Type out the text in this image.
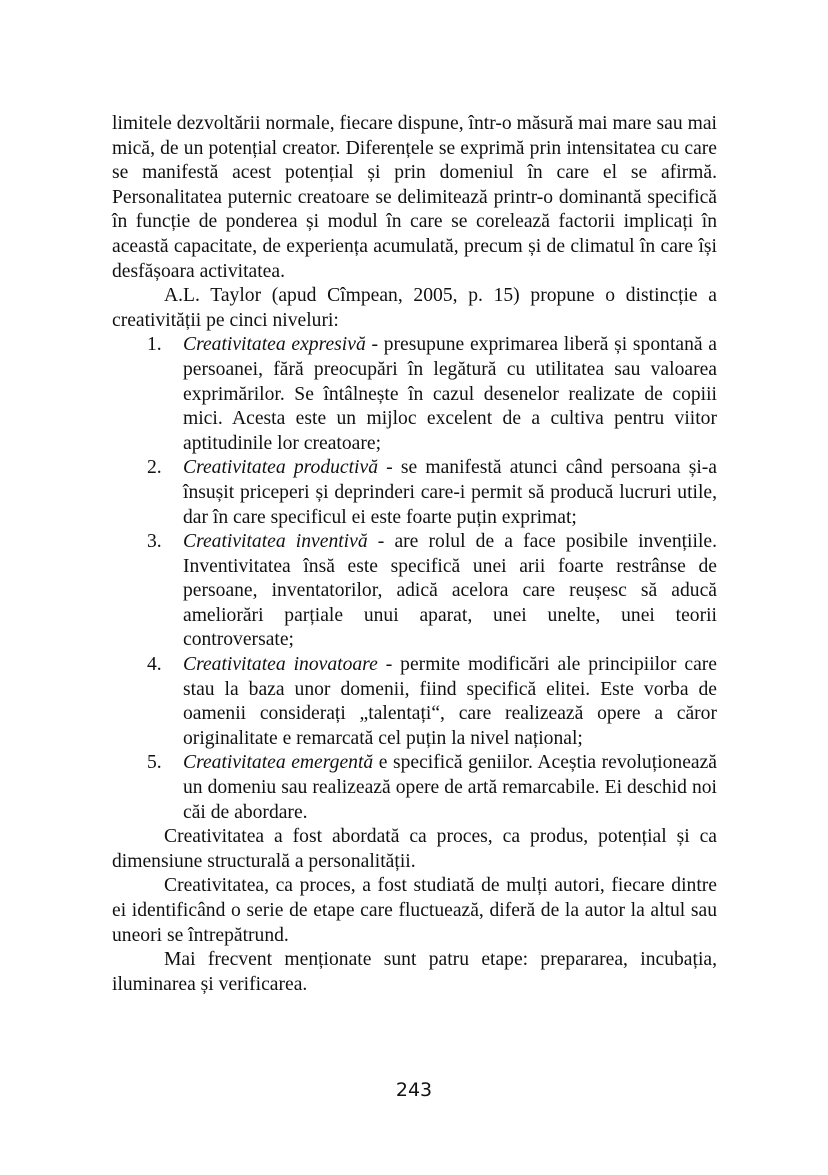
limitele dezvoltării normale, fiecare dispune, într-o măsură mai mare sau mai mică, de un potențial creator. Diferențele se exprimă prin intensitatea cu care se manifestă acest potențial și prin domeniul în care el se afirmă. Personalitatea puternic creatoare se delimitează printr-o dominantă specifică în funcție de ponderea și modul în care se corelează factorii implicați în această capacitate, de experiența acumulată, precum și de climatul în care își desfășoara activitatea.

A.L. Taylor (apud Cîmpean, 2005, p. 15) propune o distincție a creativității pe cinci niveluri:

1. Creativitatea expresivă - presupune exprimarea liberă și spontană a persoanei, fără preocupări în legătură cu utilitatea sau valoarea exprimărilor. Se întâlnește în cazul desenelor realizate de copiii mici. Acesta este un mijloc excelent de a cultiva pentru viitor aptitudinile lor creatoare;
2. Creativitatea productivă - se manifestă atunci când persoana și-a însușit priceperi și deprinderi care-i permit să producă lucruri utile, dar în care specificul ei este foarte puțin exprimat;
3. Creativitatea inventivă - are rolul de a face posibile invențiile. Inventivitatea însă este specifică unei arii foarte restrânse de persoane, inventatorilor, adică acelora care reușesc să aducă ameliorări parțiale unui aparat, unei unelte, unei teorii controversate;
4. Creativitatea inovatoare - permite modificări ale principiilor care stau la baza unor domenii, fiind specifică elitei. Este vorba de oamenii considerați „talentați“, care realizează opere a căror originalitate e remarcată cel puțin la nivel național;
5. Creativitatea emergentă e specifică geniilor. Aceștia revoluționează un domeniu sau realizează opere de artă remarcabile. Ei deschid noi căi de abordare.

Creativitatea a fost abordată ca proces, ca produs, potențial și ca dimensiune structurală a personalității.

Creativitatea, ca proces, a fost studiată de mulți autori, fiecare dintre ei identificând o serie de etape care fluctuează, diferă de la autor la altul sau uneori se întrepătrund.

Mai frecvent menționate sunt patru etape: prepararea, incubația, iluminarea și verificarea.

243
